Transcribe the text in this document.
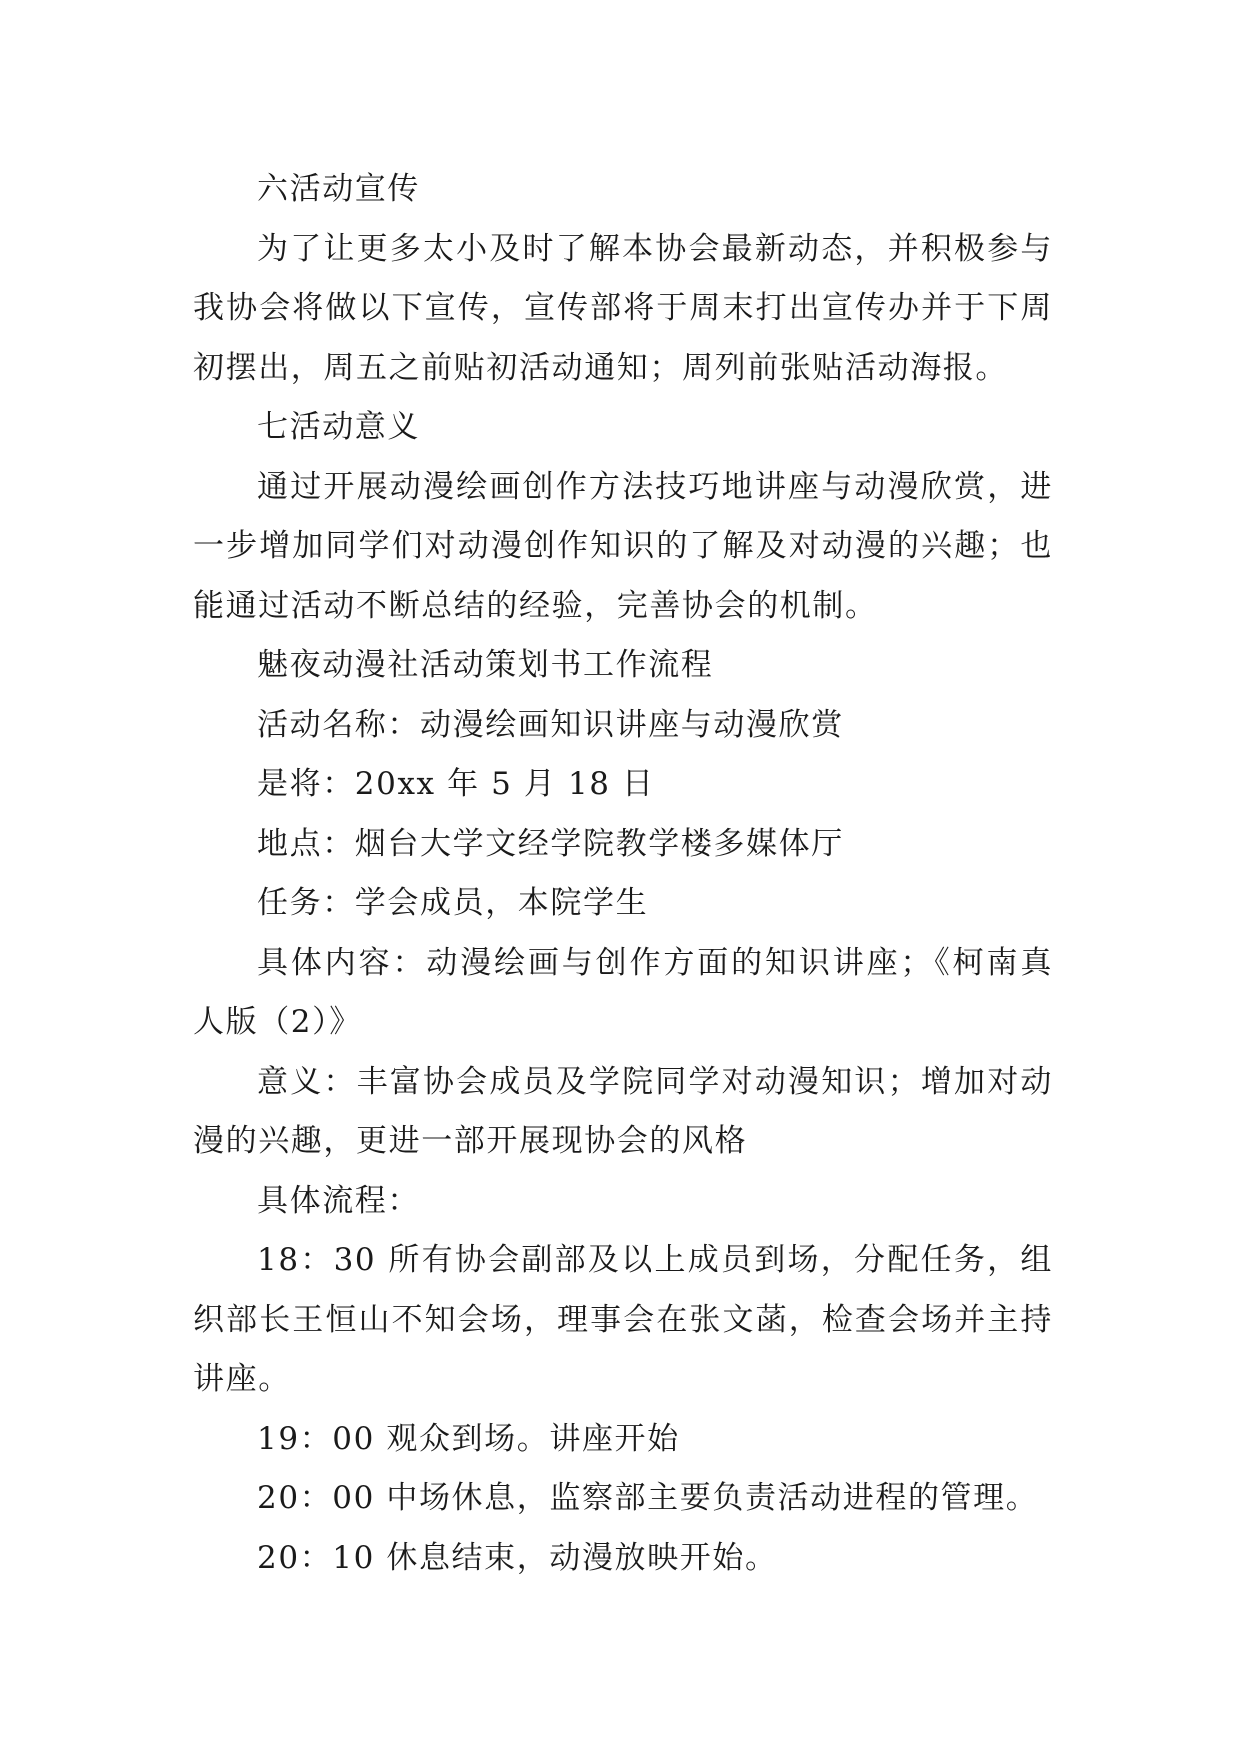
六活动宣传

为了让更多太小及时了解本协会最新动态，并积极参与我协会将做以下宣传，宣传部将于周末打出宣传办并于下周初摆出，周五之前贴初活动通知；周列前张贴活动海报。

七活动意义

通过开展动漫绘画创作方法技巧地讲座与动漫欣赏，进一步增加同学们对动漫创作知识的了解及对动漫的兴趣；也能通过活动不断总结的经验，完善协会的机制。

魅夜动漫社活动策划书工作流程

活动名称：动漫绘画知识讲座与动漫欣赏

是将：20xx 年 5 月 18 日

地点：烟台大学文经学院教学楼多媒体厅

任务：学会成员，本院学生

具体内容：动漫绘画与创作方面的知识讲座；《柯南真人版（2）》

意义：丰富协会成员及学院同学对动漫知识；增加对动漫的兴趣，更进一部开展现协会的风格

具体流程：

18：30 所有协会副部及以上成员到场，分配任务，组织部长王恒山不知会场，理事会在张文菡，检查会场并主持讲座。

19：00 观众到场。讲座开始

20：00 中场休息，监察部主要负责活动进程的管理。

20：10 休息结束，动漫放映开始。
